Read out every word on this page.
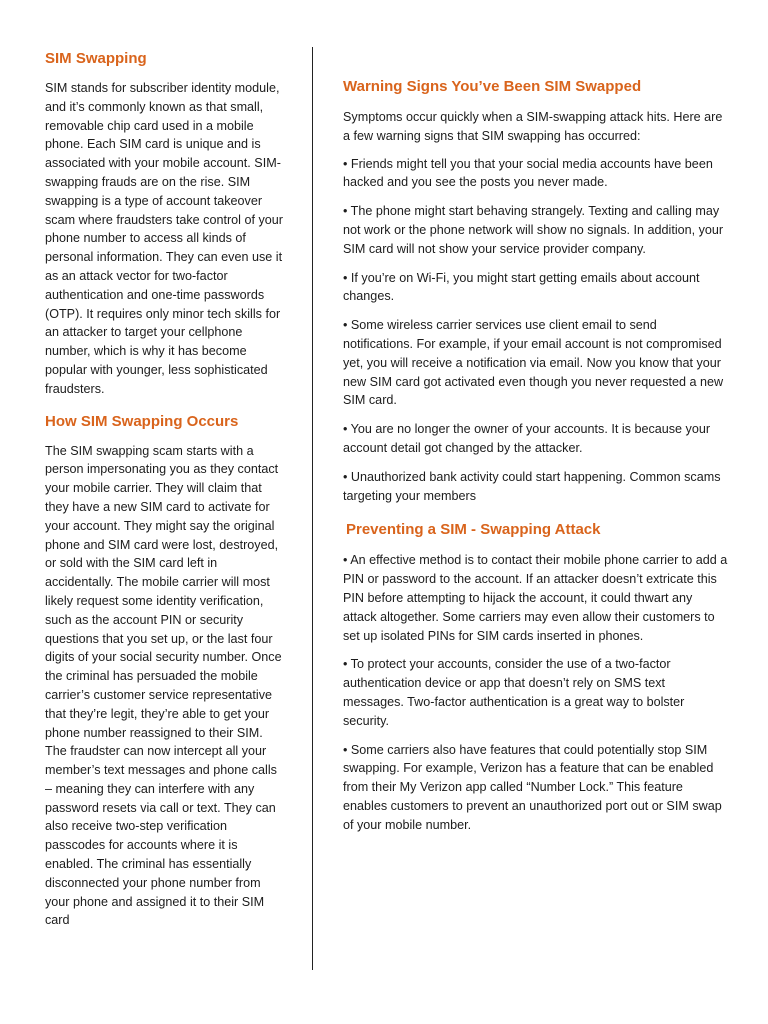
SIM Swapping

SIM stands for subscriber identity module, and it’s commonly known as that small, removable chip card used in a mobile phone. Each SIM card is unique and is associated with your mobile account. SIM-swapping frauds are on the rise. SIM swapping is a type of account takeover scam where fraudsters take control of your phone number to access all kinds of personal information. They can even use it as an attack vector for two-factor authentication and one-time passwords (OTP). It requires only minor tech skills for an attacker to target your cellphone number, which is why it has become popular with younger, less sophisticated fraudsters.

How SIM Swapping Occurs

The SIM swapping scam starts with a person impersonating you as they contact your mobile carrier. They will claim that they have a new SIM card to activate for your account. They might say the original phone and SIM card were lost, destroyed, or sold with the SIM card left in accidentally. The mobile carrier will most likely request some identity verification, such as the account PIN or security questions that you set up, or the last four digits of your social security number. Once the criminal has persuaded the mobile carrier’s customer service representative that they’re legit, they’re able to get your phone number reassigned to their SIM. The fraudster can now intercept all your member’s text messages and phone calls – meaning they can interfere with any password resets via call or text. They can also receive two-step verification passcodes for accounts where it is enabled. The criminal has essentially disconnected your phone number from your phone and assigned it to their SIM card

Warning Signs You’ve Been SIM Swapped

Symptoms occur quickly when a SIM-swapping attack hits. Here are a few warning signs that SIM swapping has occurred:

• Friends might tell you that your social media accounts have been hacked and you see the posts you never made.

• The phone might start behaving strangely. Texting and calling may not work or the phone network will show no signals. In addition, your SIM card will not show your service provider company.

• If you’re on Wi-Fi, you might start getting emails about account changes.

• Some wireless carrier services use client email to send notifications. For example, if your email account is not compromised yet, you will receive a notification via email. Now you know that your new SIM card got activated even though you never requested a new SIM card.

• You are no longer the owner of your accounts. It is because your account detail got changed by the attacker.

• Unauthorized bank activity could start happening. Common scams targeting your members

Preventing a SIM - Swapping Attack

• An effective method is to contact their mobile phone carrier to add a PIN or password to the account. If an attacker doesn’t extricate this PIN before attempting to hijack the account, it could thwart any attack altogether. Some carriers may even allow their customers to set up isolated PINs for SIM cards inserted in phones.

• To protect your accounts, consider the use of a two-factor authentication device or app that doesn’t rely on SMS text messages. Two-factor authentication is a great way to bolster security.

• Some carriers also have features that could potentially stop SIM swapping. For example, Verizon has a feature that can be enabled from their My Verizon app called “Number Lock.” This feature enables customers to prevent an unauthorized port out or SIM swap of your mobile number.
